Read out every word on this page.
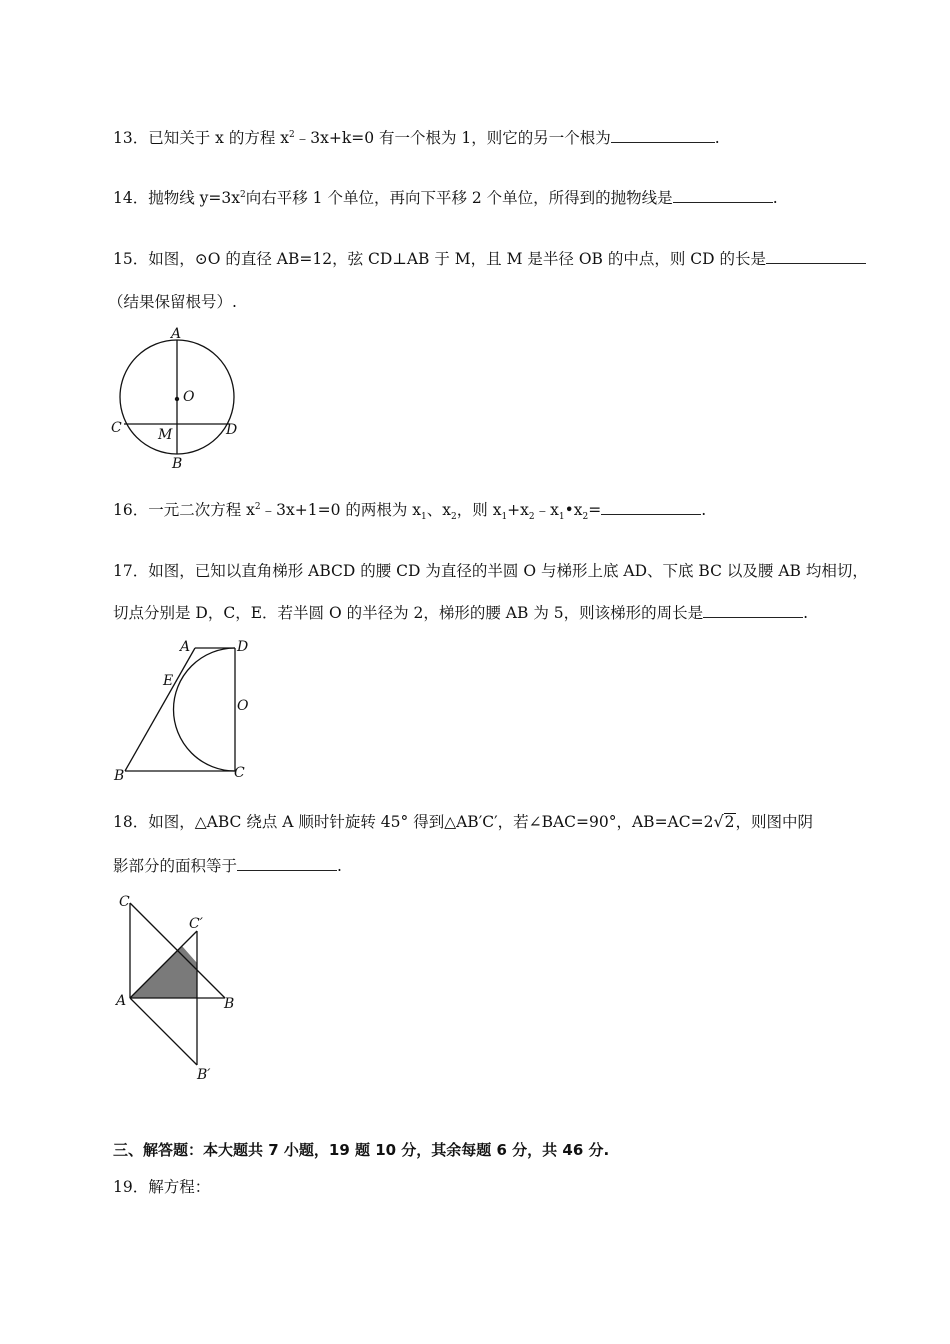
13．已知关于 x 的方程 $x^2﹣3x+k=0$ 有一个根为 1，则它的另一个根为	.
14．抛物线 $y=3x^2$向右平移 1 个单位，再向下平移 2 个单位，所得到的抛物线是	.
15．如图，⊙O 的直径 AB=12，弦 CD⊥AB 于 M，且 M 是半径 OB 的中点，则 CD 的长是
（结果保留根号）.
A
O
C	M	D
B
16．一元二次方程 $x^2﹣3x+1=0$ 的两根为 $x_1$、$x_2$，则 $x_1+x_2﹣x_1•x_2=$	.
17．如图，已知以直角梯形 ABCD 的腰 CD 为直径的半圆 O 与梯形上底 AD、下底 BC 以及腰 AB 均相切，
切点分别是 D，C，E．若半圆 O 的半径为 2，梯形的腰 AB 为 5，则该梯形的周长是	.
A	D
E
O
B	C
18．如图，△ABC 绕点 A 顺时针旋转 45° 得到△AB′C′，若∠BAC=90°，AB=AC=2√2，则图中阴
影部分的面积等于	.
C
C′
A	B
B′
三、解答题：本大题共 7 小题，19 题 10 分，其余每题 6 分，共 46 分.
19．解方程：
